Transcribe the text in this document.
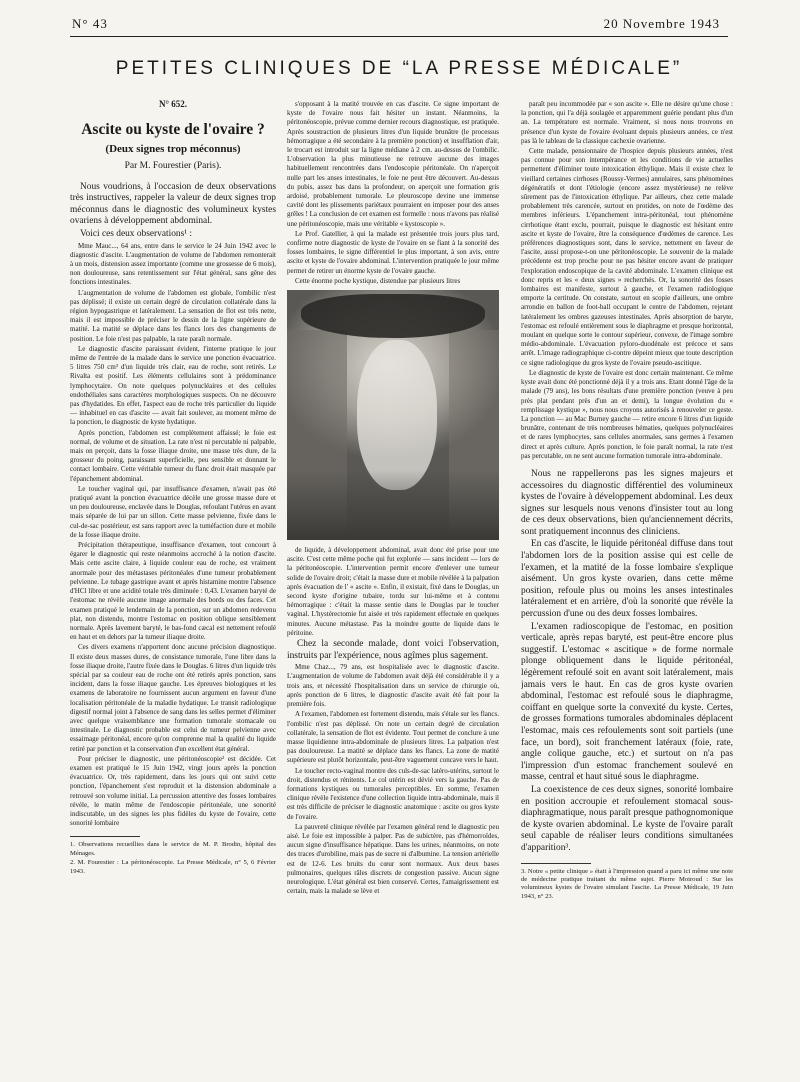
N° 43	20 Novembre 1943
PETITES CLINIQUES DE “LA PRESSE MÉDICALE”
N° 652.
Ascite ou kyste de l'ovaire ?
(Deux signes trop méconnus)
Par M. Fourestier (Paris).

Nous voudrions, à l'occasion de deux observations très instructives, rappeler la valeur de deux signes trop méconnus dans le diagnostic des volumineux kystes ovariens à développement abdominal.

Voici ces deux observations¹ :

Mme Mauc..., 64 ans, entre dans le service le 24 Juin 1942 avec le diagnostic d'ascite. L'augmentation de volume de l'abdomen remonterait à un mois, distension assez importante (comme une grossesse de 6 mois), non douloureuse, sans retentissement sur l'état général, sans gêne des fonctions intestinales.

L'augmentation de volume de l'abdomen est globale, l'ombilic n'est pas déplissé; il existe un certain degré de circulation collatérale dans la région hypogastrique et latéralement. La sensation de flot est très nette, mais il est impossible de préciser le dessin de la ligne supérieure de matité. La matité se déplace dans les flancs lors des changements de position. Le foie n'est pas palpable, la rate paraît normale.

Le diagnostic d'ascite paraissant évident, l'interne pratique le jour même de l'entrée de la malade dans le service une ponction évacuatrice. 5 litres 750 cm³ d'un liquide très clair, eau de roche, sont retirés. Le Rivalta est positif. Les éléments cellulaires sont à prédominance lymphocytaire. On note quelques polynucléaires et des cellules endothéliales sans caractères morphologiques suspects. On ne découvre pas d'hydatides. En effet, l'aspect eau de roche très particulier du liquide — inhabituel en cas d'ascite — avait fait soulever, au moment même de la ponction, le diagnostic de kyste hydatique.

Après ponction, l'abdomen est complètement affaissé; le foie est normal, de volume et de situation. La rate n'est ni percutable ni palpable, mais on perçoit, dans la fosse iliaque droite, une masse très dure, de la grosseur du poing, paraissant superficielle, peu sensible et donnant le contact lombaire. Cette véritable tumeur du flanc droit était masquée par l'épanchement abdominal.

Le toucher vaginal qui, par insuffisance d'examen, n'avait pas été pratiqué avant la ponction évacuatrice décèle une grosse masse dure et un peu douloureuse, enclavée dans le Douglas, refoulant l'utérus en avant mais séparée de lui par un sillon. Cette masse pelvienne, fixée dans le cul-de-sac postérieur, est sans rapport avec la tuméfaction dure et mobile de la fosse iliaque droite.

Précipitation thérapeutique, insuffisance d'examen, tout concourt à égarer le diagnostic qui reste néanmoins accroché à la notion d'ascite. Mais cette ascite claire, à liquide couleur eau de roche, est vraiment anormale pour des métastases péritonéales d'une tumeur probablement pelvienne. Le tubage gastrique avant et après histamine montre l'absence d'HCl libre et une acidité totale très diminuée : 0,43. L'examen baryté de l'estomac ne révèle aucune image anormale des bords ou des faces. Cet examen pratiqué le lendemain de la ponction, sur un abdomen redevenu plat, non distendu, montre l'estomac en position oblique sensiblement normale. Après lavement baryté, le bas-fond cæcal est nettement refoulé en haut et en dehors par la tumeur iliaque droite.

Ces divers examens n'apportent donc aucune précision diagnostique. Il existe deux masses dures, de consistance tumorale, l'une libre dans la fosse iliaque droite, l'autre fixée dans le Douglas. 6 litres d'un liquide très spécial par sa couleur eau de roche ont été retirés après ponction, sans incident, dans la fosse iliaque gauche. Les épreuves biologiques et les examens de laboratoire ne fournissent aucun argument en faveur d'une localisation péritonéale de la maladie hydatique. Le transit radiologique digestif normal joint à l'absence de sang dans les selles permet d'éliminer avec quelque vraisemblance une formation tumorale stomacale ou intestinale. Le diagnostic probable est celui de tumeur pelvienne avec essaimage péritonéal, encore qu'on comprenne mal la qualité du liquide retiré par ponction et la conservation d'un excellent état général.

Pour préciser le diagnostic, une péritonéoscopie² est décidée. Cet examen est pratiqué le 15 Juin 1942, vingt jours après la ponction évacuatrice. Or, très rapidement, dans les jours qui ont suivi cette ponction, l'épanchement s'est reproduit et la distension abdominale a retrouvé son volume initial. La percussion attentive des fosses lombaires révèle, le matin même de l'endoscopie péritonéale, une sonorité indiscutable, un des signes les plus fidèles du kyste de l'ovaire, cette sonorité lombaire

1. Observations recueillies dans le service de M. P. Brodin, hôpital des Ménages.

2. M. Fourestier : La péritonéoscopie. La Presse Médicale, n° 5, 6 Février 1943.

s'opposant à la matité trouvée en cas d'ascite. Ce signe important de kyste de l'ovaire nous fait hésiter un instant. Néanmoins, la péritonéoscopie, prévue comme dernier recours diagnostique, est pratiquée. Après soustraction de plusieurs litres d'un liquide brunâtre (le processus hémorragique a été secondaire à la première ponction) et insufflation d'air, le trocart est introduit sur la ligne médiane à 2 cm. au-dessus de l'ombilic. L'observation la plus minutieuse ne retrouve aucune des images habituellement rencontrées dans l'endoscopie péritonéale. On n'aperçoit nulle part les anses intestinales, le foie ne peut être découvert. Au-dessus du pubis, assez bas dans la profondeur, on aperçoit une formation gris ardoisé, probablement tumorale. Le pleuroscope devine une immense cavité dont les plissements pariétaux pourraient en imposer pour des anses grêles ! La conclusion de cet examen est formelle : nous n'avons pas réalisé une péritonéoscopie, mais une véritable « kystoscopie ».

Le Prof. Gatellier, à qui la malade est présentée trois jours plus tard, confirme notre diagnostic de kyste de l'ovaire en se fiant à la sonorité des fosses lombaires, le signe différentiel le plus important, à son avis, entre ascite et kyste de l'ovaire abdominal. L'intervention pratiquée le jour même permet de retirer un énorme kyste de l'ovaire gauche.

Cette énorme poche kystique, distendue par plusieurs litres

de liquide, à développement abdominal, avait donc été prise pour une ascite. C'est cette même poche qui fut explorée — sans incident — lors de la péritonéoscopie. L'intervention permit encore d'enlever une tumeur solide de l'ovaire droit; c'était la masse dure et mobile révélée à la palpation après évacuation de l' « ascite ». Enfin, il existait, fixé dans le Douglas, un second kyste d'origine tubaire, tordu sur lui-même et à contenu hémorragique : c'était la masse sentie dans le Douglas par le toucher vaginal. L'hystérectomie fut aisée et très rapidement effectuée en quelques minutes. Aucune métastase. Pas la moindre goutte de liquide dans le péritoine.

Chez la seconde malade, dont voici l'observation, instruits par l'expérience, nous agîmes plus sagement.

Mme Chaz..., 79 ans, est hospitalisée avec le diagnostic d'ascite. L'augmentation de volume de l'abdomen avait déjà été considérable il y a trois ans, et nécessité l'hospitalisation dans un service de chirurgie où, après ponction de 6 litres, le diagnostic d'ascite avait été fait pour la première fois.

A l'examen, l'abdomen est fortement distendu, mais s'étale sur les flancs. l'ombilic n'est pas déplissé. On note un certain degré de circulation collatérale, la sensation de flot est évidente. Tout permet de conclure à une masse liquidienne intra-abdominale de plusieurs litres. La palpation n'est pas douloureuse. La matité se déplace dans les flancs. La zone de matité supérieure est plutôt horizontale, peut-être vaguement concave vers le haut.

Le toucher recto-vaginal montre des culs-de-sac latéro-utérins, surtout le droit, distendus et rénitents. Le col utérin est dévié vers la gauche. Pas de formations kystiques ou tumorales perceptibles. En somme, l'examen clinique révèle l'existence d'une collection liquide intra-abdominale, mais il est très difficile de préciser le diagnostic anatomique : ascite ou gros kyste de l'ovaire.

La pauvreté clinique révélée par l'examen général rend le diagnostic peu aisé. Le foie est impossible à palper. Pas de subictère, pas d'hémorroïdes, aucun signe d'insuffisance hépatique. Dans les urines, néanmoins, on note des traces d'urobiline, mais pas de sucre ni d'albumine. La tension artérielle est de 12-6. Les bruits du cœur sont normaux. Aux deux bases pulmonaires, quelques râles discrets de congestion passive. Aucun signe neurologique. L'état général est bien conservé. Certes, l'amaigrissement est certain, mais la malade se lève et

paraît peu incommodée par « son ascite ». Elle ne désire qu'une chose : la ponction, qui l'a déjà soulagée et apparemment guérie pendant plus d'un an. La température est normale. Vraiment, si nous nous trouvons en présence d'un kyste de l'ovaire évoluant depuis plusieurs années, ce n'est pas là le tableau de la classique cachexie ovarienne.

Cette malade, pensionnaire de l'hospice depuis plusieurs années, n'est pas connue pour son intempérance et les conditions de vie actuelles permettent d'éliminer toute intoxication éthylique. Mais il existe chez le vieillard certaines cirrhoses (Roussy-Vermes) annulaires, sans phénomènes dégénératifs et dont l'étiologie (encore assez mystérieuse) ne relève sûrement pas de l'intoxication éthylique. Par ailleurs, chez cette malade probablement très carencée, surtout en protides, on note de l'œdème des membres inférieurs. L'épanchement intra-péritonéal, tout phénomène cirrhotique étant exclu, pourrait, puisque le diagnostic est hésitant entre ascite et kyste de l'ovaire, être la conséquence d'œdèmes de carence. Les préférences diagnostiques sont, dans le service, nettement en faveur de l'ascite, aussi propose-t-on une péritonéoscopie. Le souvenir de la malade précédente est trop proche pour ne pas hésiter encore avant de pratiquer l'exploration endoscopique de la cavité abdominale. L'examen clinique est donc repris et les « deux signes » recherchés. Or, la sonorité des fosses lombaires est manifeste, surtout à gauche, et l'examen radiologique emporte la certitude. On constate, surtout en scopie d'ailleurs, une ombre arrondie en ballon de foot-ball occupant le centre de l'abdomen, rejetant latéralement les ombres gazeuses intestinales. Après absorption de baryte, l'estomac est refoulé entièrement sous le diaphragme et presque horizontal, moulant en quelque sorte le contour supérieur, convexe, de l'image sombre médio-abdominale. L'évacuation pyloro-duodénale est précoce et sans arrêt. L'image radiographique ci-contre dépeint mieux que toute description ce signe radiologique du gros kyste de l'ovaire pseudo-ascitique.

Le diagnostic de kyste de l'ovaire est donc certain maintenant. Ce même kyste avait donc été ponctionné déjà il y a trois ans. Etant donné l'âge de la malade (79 ans), les bons résultats d'une première ponction (veuve à peu près plat pendant près d'un an et demi), la longue évolution du « remplissage kystique », nous nous croyons autorisés à renouveler ce geste. La ponction — au Mac Burney gauche — retire encore 6 litres d'un liquide brunâtre, contenant de très nombreuses hématies, quelques polynucléaires et de rares lymphocytes, sans cellules anormales, sans germes à l'examen direct et après culture. Après ponction, le foie paraît normal, la rate n'est pas percutable, on ne sent aucune formation tumorale intra-abdominale.

Nous ne rappellerons pas les signes majeurs et accessoires du diagnostic différentiel des volumineux kystes de l'ovaire à développement abdominal. Les deux signes sur lesquels nous venons d'insister tout au long de ces deux observations, bien qu'anciennement décrits, sont pratiquement inconnus des cliniciens.

En cas d'ascite, le liquide péritonéal diffuse dans tout l'abdomen lors de la position assise qui est celle de l'examen, et la matité de la fosse lombaire s'explique aisément. Un gros kyste ovarien, dans cette même position, refoule plus ou moins les anses intestinales latéralement et en arrière, d'où la sonorité que révèle la percussion d'une ou des deux fosses lombaires.

L'examen radioscopique de l'estomac, en position verticale, après repas baryté, est peut-être encore plus suggestif. L'estomac « ascitique » de forme normale plonge obliquement dans le liquide péritonéal, légèrement refoulé soit en avant soit latéralement, mais jamais vers le haut. En cas de gros kyste ovarien abdominal, l'estomac est refoulé sous le diaphragme, coiffant en quelque sorte la convexité du kyste. Certes, de grosses formations tumorales abdominales déplacent l'estomac, mais ces refoulements sont soit partiels (une face, un bord), soit franchement latéraux (foie, rate, angle colique gauche, etc.) et surtout on n'a pas l'impression d'un estomac franchement soulevé en masse, central et haut situé sous le diaphragme.

La coexistence de ces deux signes, sonorité lombaire en position accroupie et refoulement stomacal sous-diaphragmatique, nous paraît presque pathognomonique de kyste ovarien abdominal. Le kyste de l'ovaire paraît seul capable de réaliser leurs conditions simultanées d'apparition³.

3. Notre « petite clinique » était à l'impression quand a paru ici même une note de médecine pratique traitant du même sujet. Pierre Moiroud : Sur les volumineux kystes de l'ovaire simulant l'ascite. La Presse Médicale, 19 Juin 1943, n° 23.
